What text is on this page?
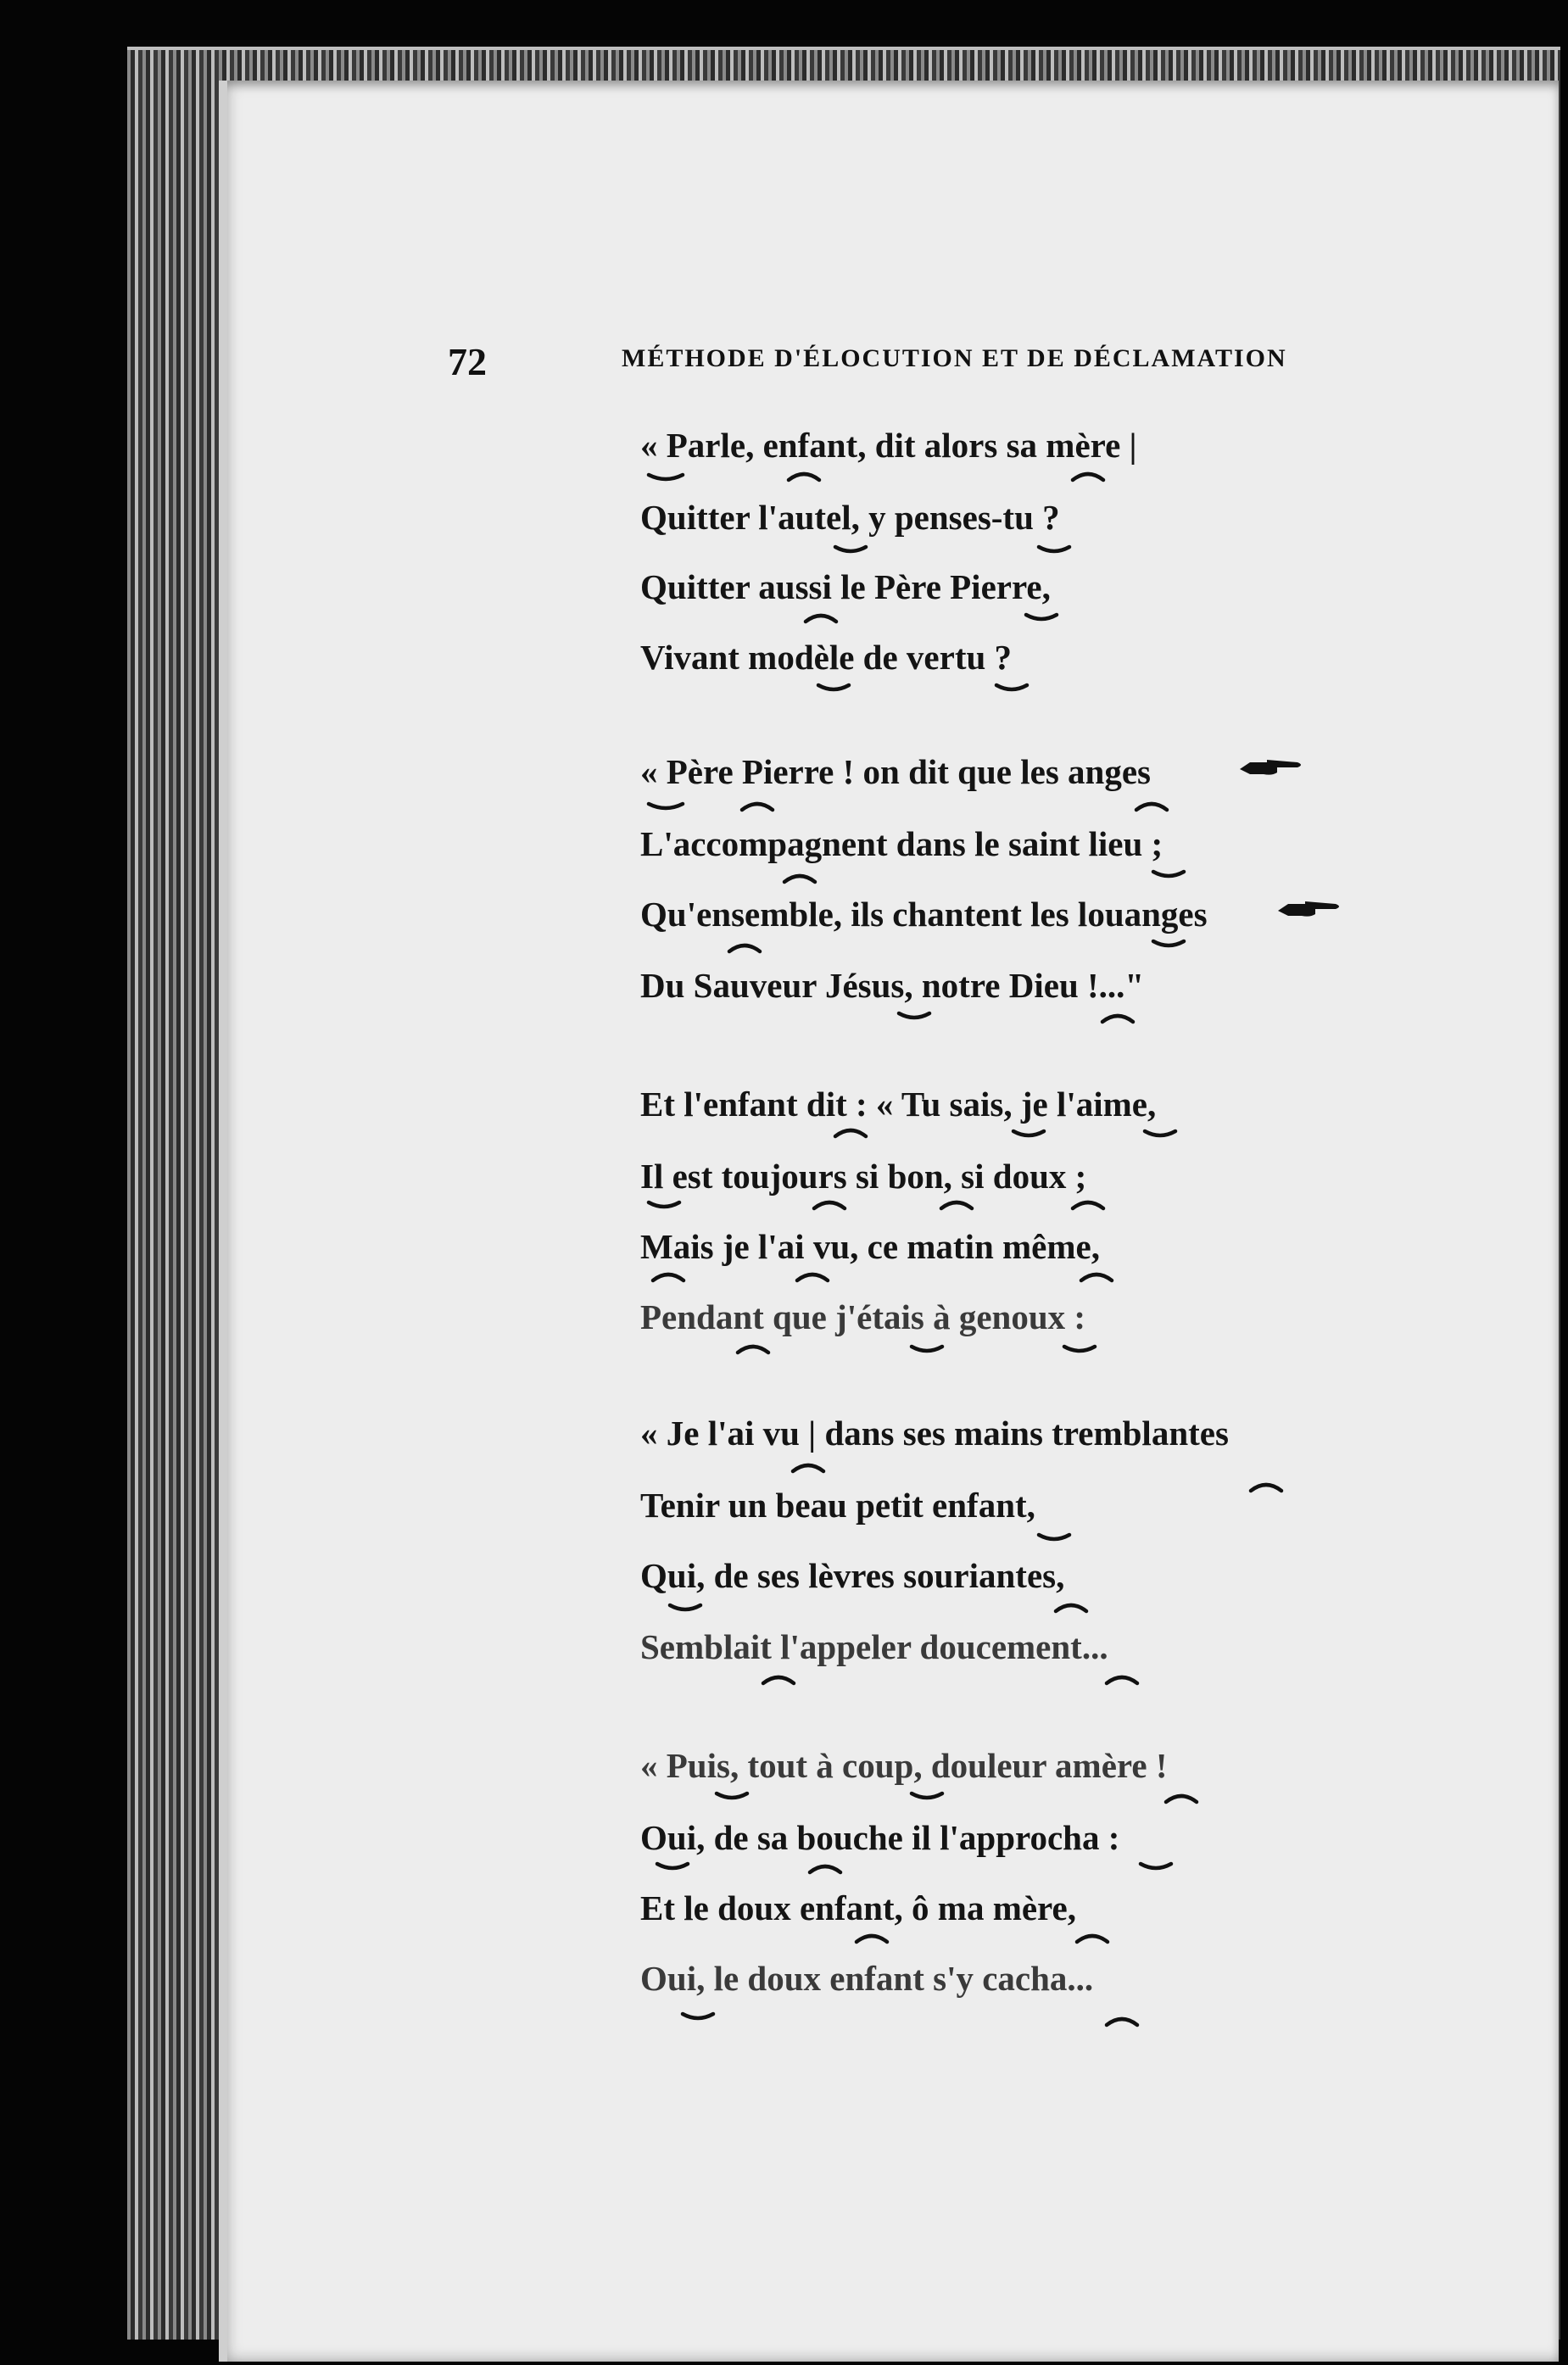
72	MÉTHODE D'ÉLOCUTION ET DE DÉCLAMATION
« Parle, enfant, dit alors sa mère |
Quitter l'autel, y penses-tu ?
Quitter aussi le Père Pierre,
Vivant modèle de vertu ?
« Père Pierre ! on dit que les anges
L'accompagnent dans le saint lieu ;
Qu'ensemble, ils chantent les louanges
Du Sauveur Jésus, notre Dieu !..."
Et l'enfant dit : « Tu sais, je l'aime,
Il est toujours si bon, si doux ;
Mais je l'ai vu, ce matin même,
Pendant que j'étais à genoux :
« Je l'ai vu | dans ses mains tremblantes
Tenir un beau petit enfant,
Qui, de ses lèvres souriantes,
Semblait l'appeler doucement...
« Puis, tout à coup, douleur amère !
Oui, de sa bouche il l'approcha :
Et le doux enfant, ô ma mère,
Oui, le doux enfant s'y cacha...
